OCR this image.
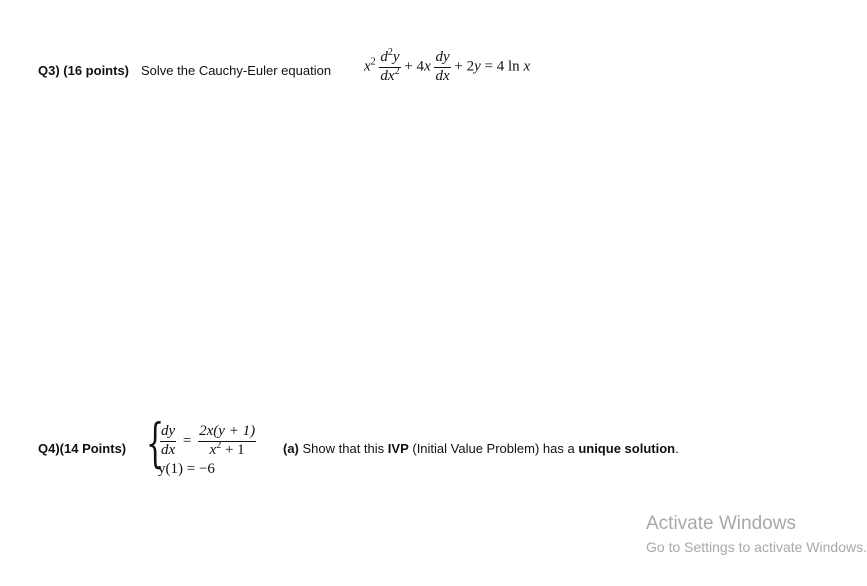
Q3) (16 points) Solve the Cauchy-Euler equation $x^2 \frac{d^2y}{dx^2} + 4x \frac{dy}{dx} + 2y = 4$ ln x
Q4)(14 Points) {
$\frac{dy}{dx} = \frac{2x(y + 1)}{x^2 + 1}$
y(1) = −6
(a) Show that this IVP (Initial Value Problem) has a unique solution.
Activate Windows
Go to Settings to activate Windows.
